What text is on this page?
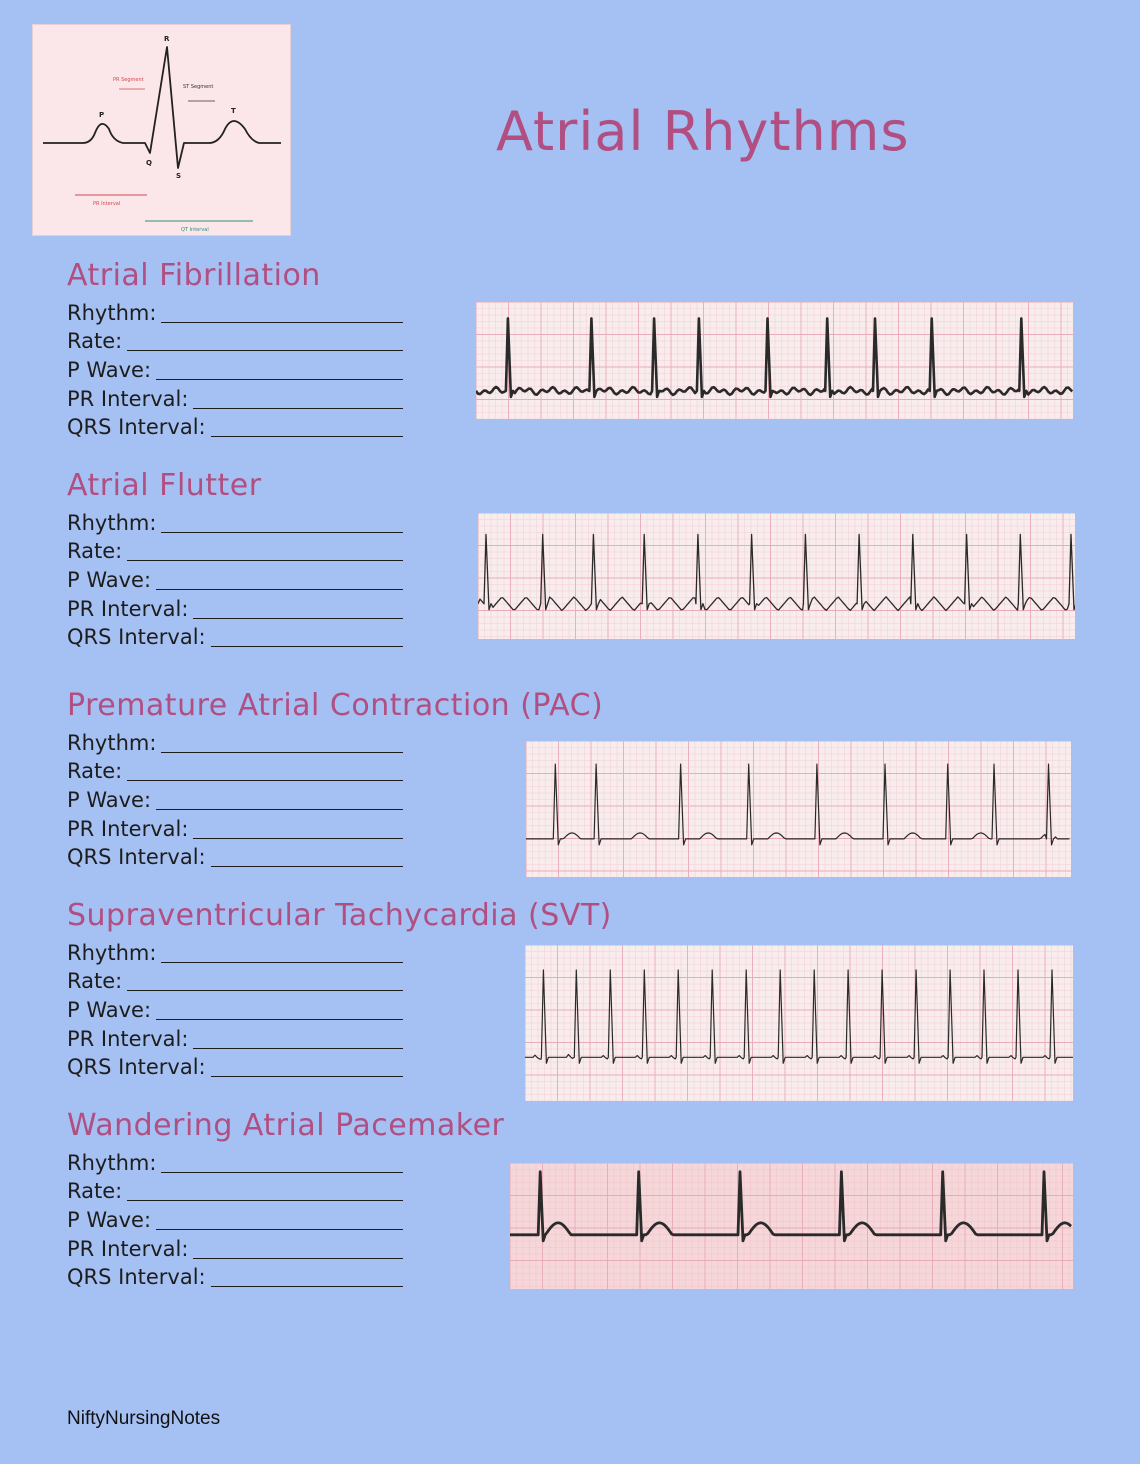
P
Q
R
S
T
PR Segment
ST Segment
PR Interval
QT Interval
Atrial Rhythms
Atrial Fibrillation
Rhythm:
Rate:
P Wave:
PR Interval:
QRS Interval:
Atrial Flutter
Rhythm:
Rate:
P Wave:
PR Interval:
QRS Interval:
Premature Atrial Contraction (PAC)
Rhythm:
Rate:
P Wave:
PR Interval:
QRS Interval:
Supraventricular Tachycardia (SVT)
Rhythm:
Rate:
P Wave:
PR Interval:
QRS Interval:
Wandering Atrial Pacemaker
Rhythm:
Rate:
P Wave:
PR Interval:
QRS Interval:

NiftyNursingNotes
